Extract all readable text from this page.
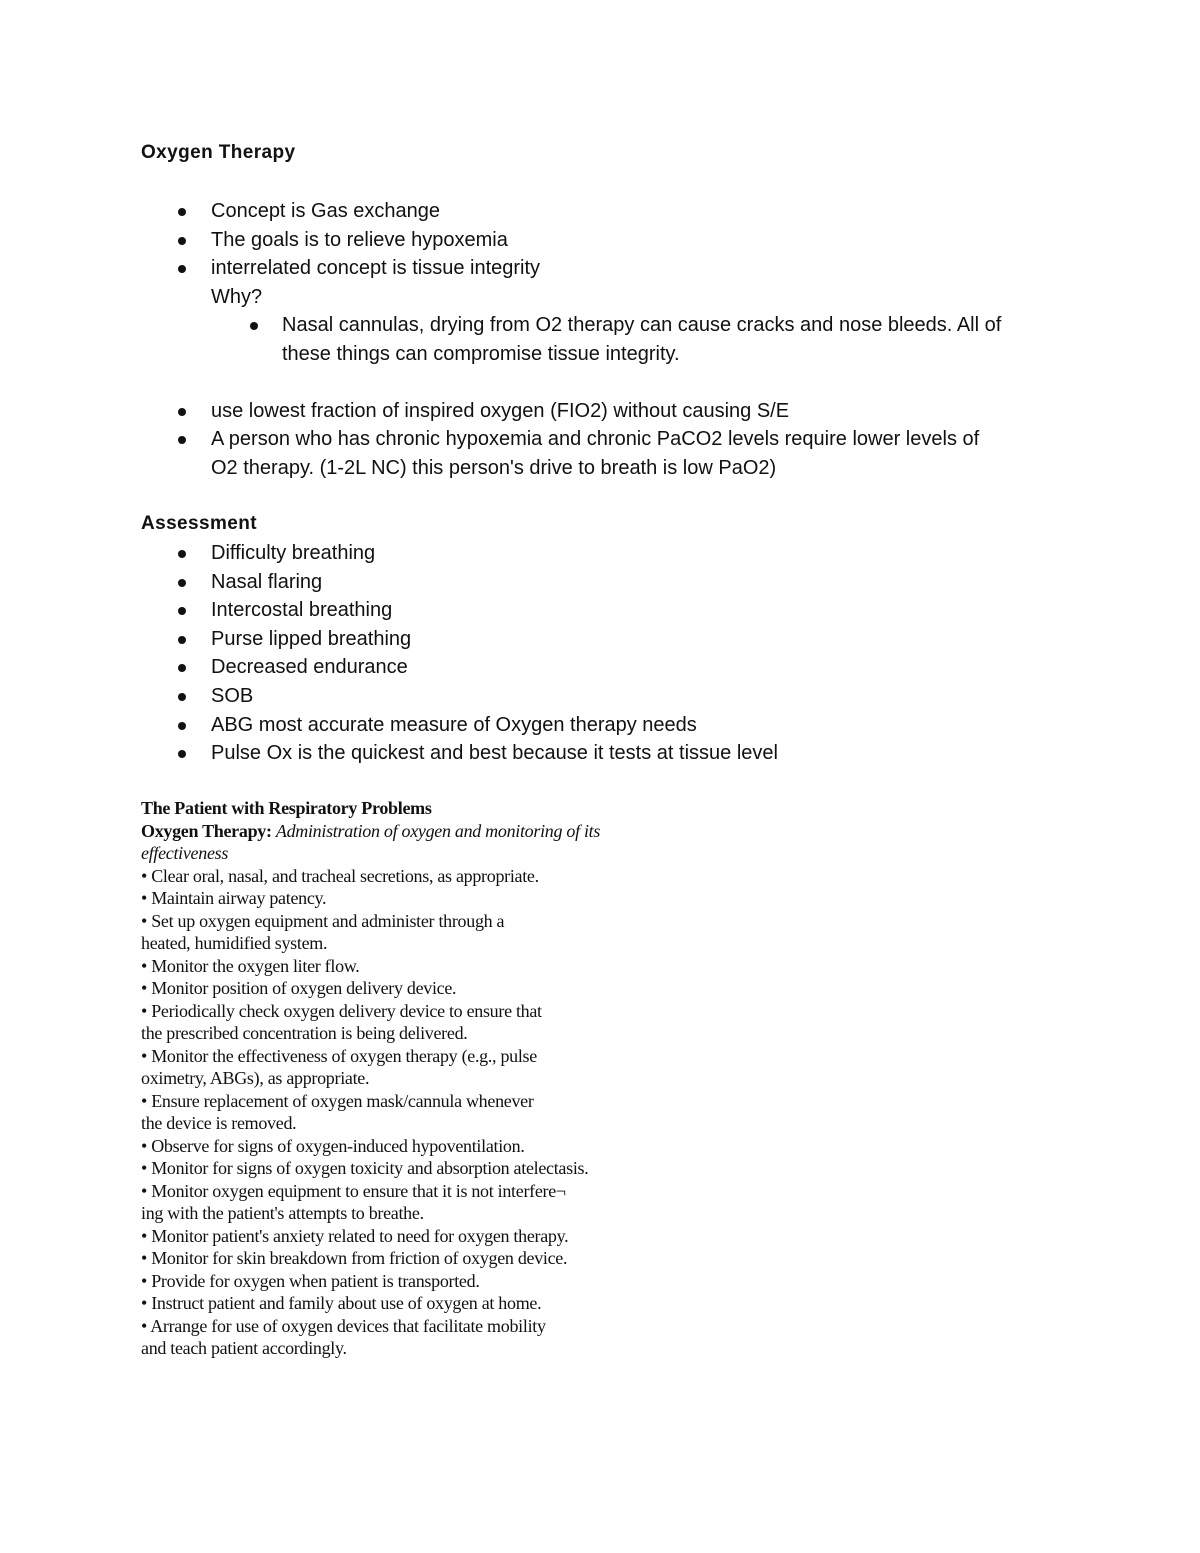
Oxygen Therapy
Concept is Gas exchange
The goals is to relieve hypoxemia
interrelated concept is tissue integrity
Why?
Nasal cannulas, drying from O2 therapy can cause cracks and nose bleeds. All of
these things can compromise tissue integrity.
use lowest fraction of inspired oxygen (FIO2) without causing S/E
A person who has chronic hypoxemia and chronic PaCO2 levels require lower levels of
O2 therapy. (1-2L NC) this person's drive to breath is low PaO2)
Assessment
Difficulty breathing
Nasal flaring
Intercostal breathing
Purse lipped breathing
Decreased endurance
SOB
ABG most accurate measure of Oxygen therapy needs
Pulse Ox is the quickest and best because it tests at tissue level

The Patient with Respiratory Problems

Oxygen Therapy: Administration of oxygen and monitoring of its

effectiveness

• Clear oral, nasal, and tracheal secretions, as appropriate.

• Maintain airway patency.

• Set up oxygen equipment and administer through a

heated, humidified system.

• Monitor the oxygen liter flow.

• Monitor position of oxygen delivery device.

• Periodically check oxygen delivery device to ensure that

the prescribed concentration is being delivered.

• Monitor the effectiveness of oxygen therapy (e.g., pulse

oximetry, ABGs), as appropriate.

• Ensure replacement of oxygen mask/cannula whenever

the device is removed.

• Observe for signs of oxygen-induced hypoventilation.

• Monitor for signs of oxygen toxicity and absorption atelectasis.

• Monitor oxygen equipment to ensure that it is not interfere¬

ing with the patient's attempts to breathe.

• Monitor patient's anxiety related to need for oxygen therapy.

• Monitor for skin breakdown from friction of oxygen device.

• Provide for oxygen when patient is transported.

• Instruct patient and family about use of oxygen at home.

• Arrange for use of oxygen devices that facilitate mobility

and teach patient accordingly.
